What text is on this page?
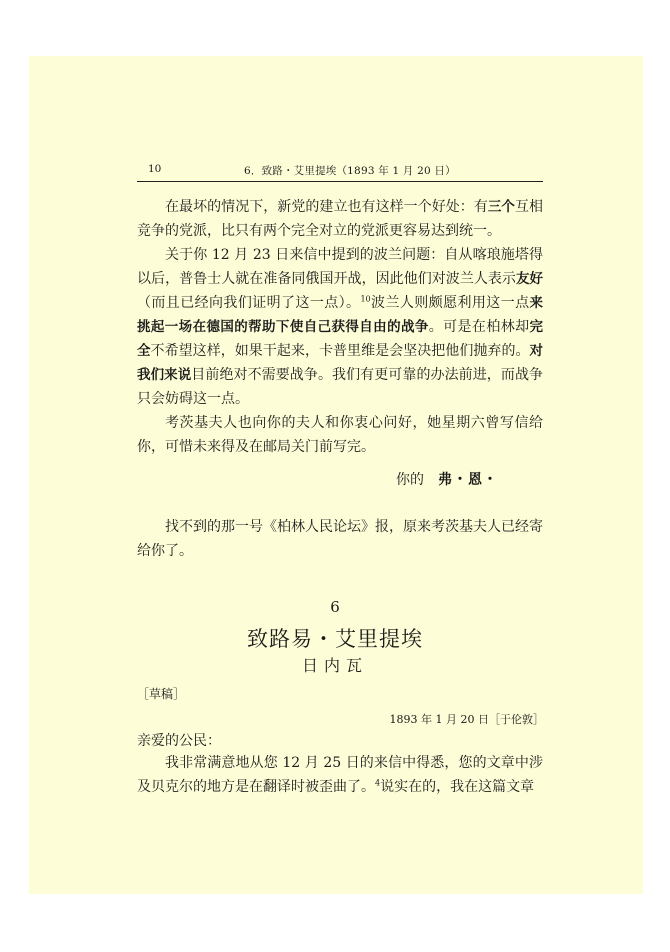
10	6．致路・艾里提埃（1893 年 1 月 20 日）

在最坏的情况下，新党的建立也有这样一个好处：有三个互相竞争的党派，比只有两个完全对立的党派更容易达到统一。

关于你 12 月 23 日来信中提到的波兰问题：自从喀琅施塔得以后，普鲁士人就在准备同俄国开战，因此他们对波兰人表示友好（而且已经向我们证明了这一点）。$^{10}$波兰人则颇愿利用这一点来挑起一场在德国的帮助下使自己获得自由的战争。可是在柏林却完全不希望这样，如果干起来，卡普里维是会坚决把他们抛弃的。对我们来说目前绝对不需要战争。我们有更可靠的办法前进，而战争只会妨碍这一点。

考茨基夫人也向你的夫人和你衷心问好，她星期六曾写信给你，可惜未来得及在邮局关门前写完。

你的 弗・恩・

找不到的那一号《柏林人民论坛》报，原来考茨基夫人已经寄给你了。

6
致路易・艾里提埃
日内瓦
［草稿］
1893 年 1 月 20 日［于伦敦］
亲爱的公民：

我非常满意地从您 12 月 25 日的来信中得悉，您的文章中涉及贝克尔的地方是在翻译时被歪曲了。$^4$说实在的，我在这篇文章
